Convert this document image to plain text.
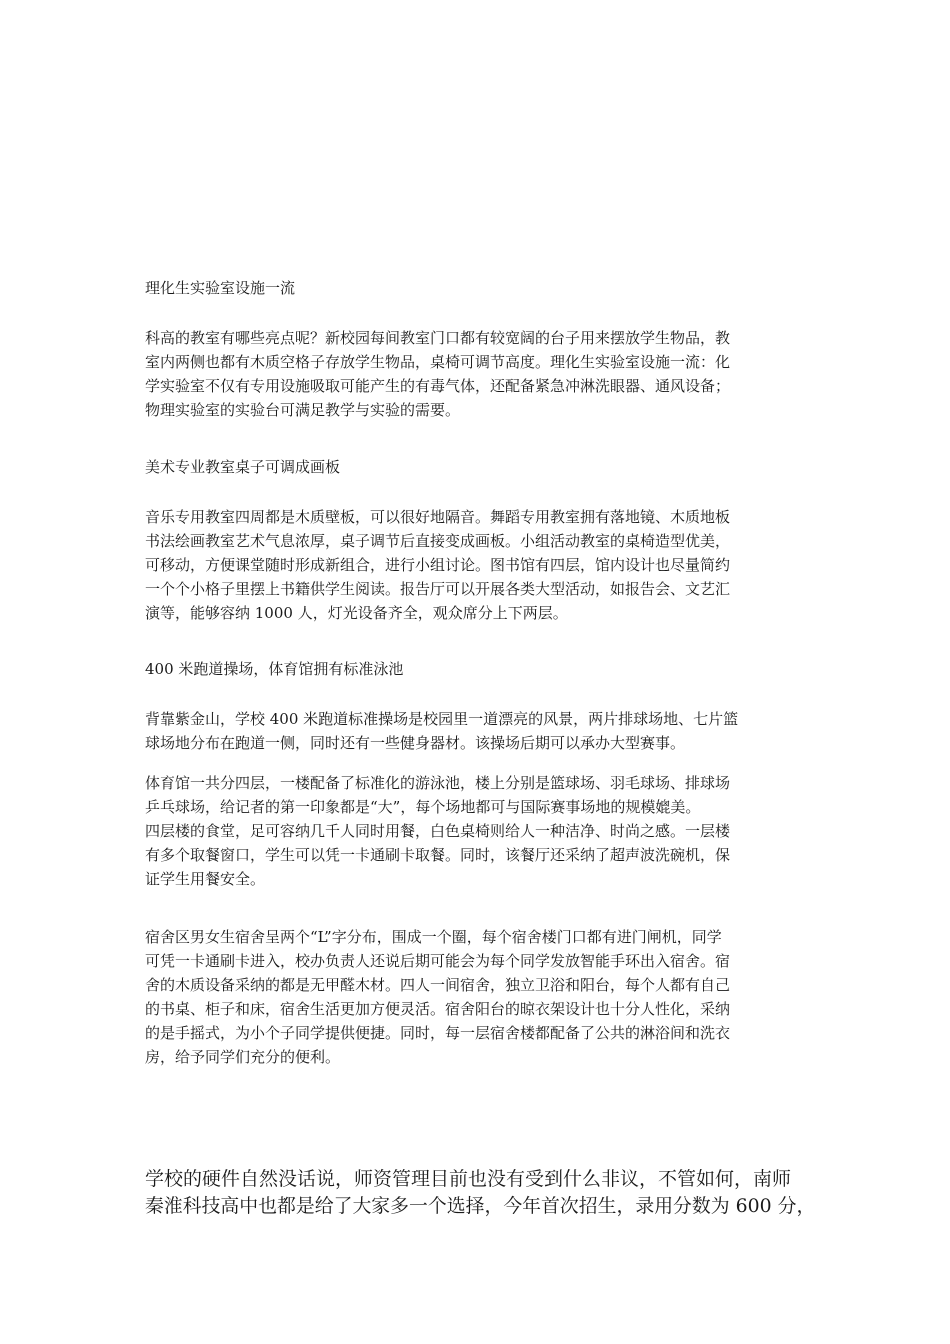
理化生实验室设施一流
科高的教室有哪些亮点呢？新校园每间教室门口都有较宽阔的台子用来摆放学生物品，教
室内两侧也都有木质空格子存放学生物品，桌椅可调节高度。理化生实验室设施一流：化
学实验室不仅有专用设施吸取可能产生的有毒气体，还配备紧急冲淋洗眼器、通风设备；
物理实验室的实验台可满足教学与实验的需要。
美术专业教室桌子可调成画板
音乐专用教室四周都是木质壁板，可以很好地隔音。舞蹈专用教室拥有落地镜、木质地板
书法绘画教室艺术气息浓厚，桌子调节后直接变成画板。小组活动教室的桌椅造型优美，
可移动，方便课堂随时形成新组合，进行小组讨论。图书馆有四层，馆内设计也尽量简约
一个个小格子里摆上书籍供学生阅读。报告厅可以开展各类大型活动，如报告会、文艺汇
演等，能够容纳 1000 人，灯光设备齐全，观众席分上下两层。
400 米跑道操场，体育馆拥有标准泳池
背靠紫金山，学校 400 米跑道标准操场是校园里一道漂亮的风景，两片排球场地、七片篮
球场地分布在跑道一侧，同时还有一些健身器材。该操场后期可以承办大型赛事。
体育馆一共分四层，一楼配备了标准化的游泳池，楼上分别是篮球场、羽毛球场、排球场
乒乓球场，给记者的第一印象都是“大”，每个场地都可与国际赛事场地的规模媲美。
四层楼的食堂，足可容纳几千人同时用餐，白色桌椅则给人一种洁净、时尚之感。一层楼
有多个取餐窗口，学生可以凭一卡通刷卡取餐。同时，该餐厅还采纳了超声波洗碗机，保
证学生用餐安全。
宿舍区男女生宿舍呈两个“L”字分布，围成一个圈，每个宿舍楼门口都有进门闸机，同学
可凭一卡通刷卡进入，校办负责人还说后期可能会为每个同学发放智能手环出入宿舍。宿
舍的木质设备采纳的都是无甲醛木材。四人一间宿舍，独立卫浴和阳台，每个人都有自己
的书桌、柜子和床，宿舍生活更加方便灵活。宿舍阳台的晾衣架设计也十分人性化，采纳
的是手摇式，为小个子同学提供便捷。同时，每一层宿舍楼都配备了公共的淋浴间和洗衣
房，给予同学们充分的便利。
学校的硬件自然没话说，师资管理目前也没有受到什么非议，不管如何，南师
秦淮科技高中也都是给了大家多一个选择，今年首次招生，录用分数为 600 分，
